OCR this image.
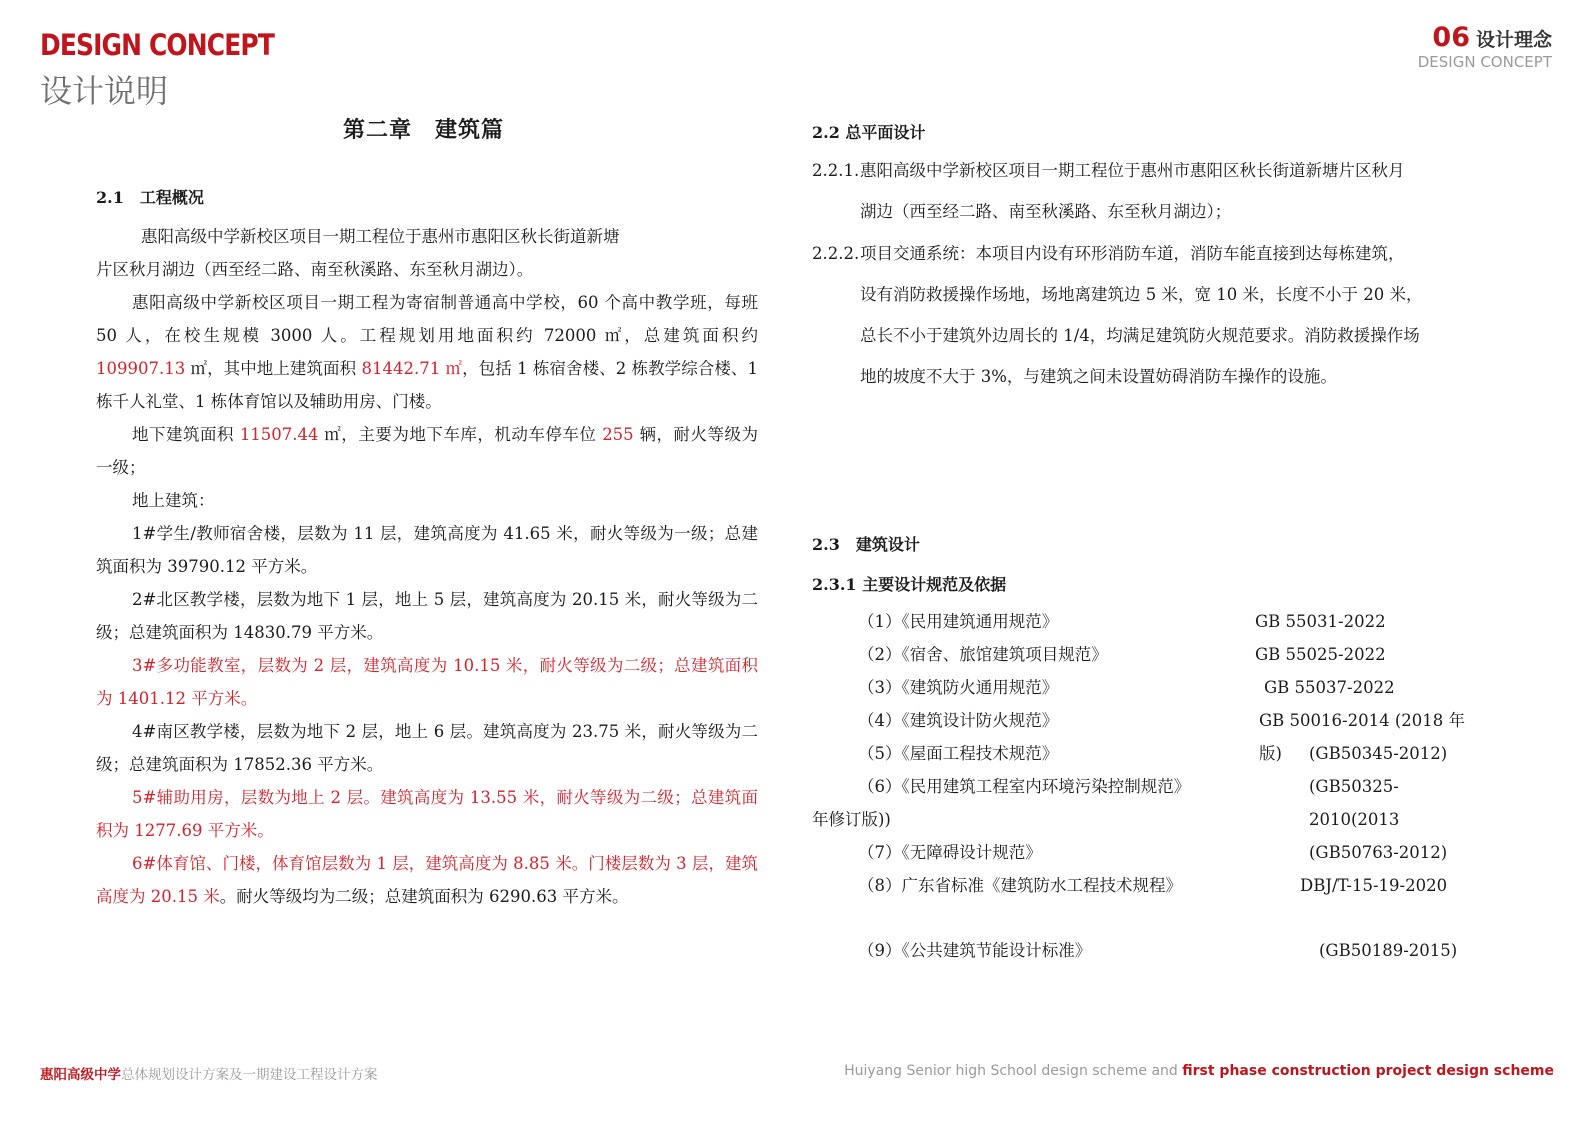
DESIGN CONCEPT
设计说明
06 设计理念
DESIGN CONCEPT
第二章　建筑篇
2.1　工程概况
惠阳高级中学新校区项目一期工程位于惠州市惠阳区秋长街道新塘
片区秋月湖边（西至经二路、南至秋溪路、东至秋月湖边）。
惠阳高级中学新校区项目一期工程为寄宿制普通高中学校，60 个高中教学班，每班 50 人，在校生规模 3000 人。工程规划用地面积约 72000 ㎡，总建筑面积约 109907.13 ㎡，其中地上建筑面积 81442.71 ㎡，包括 1 栋宿舍楼、2 栋教学综合楼、1 栋千人礼堂、1 栋体育馆以及辅助用房、门楼。
地下建筑面积 11507.44 ㎡，主要为地下车库，机动车停车位 255 辆，耐火等级为一级；
地上建筑：
1#学生/教师宿舍楼，层数为 11 层，建筑高度为 41.65 米，耐火等级为一级；总建筑面积为 39790.12 平方米。
2#北区教学楼，层数为地下 1 层，地上 5 层，建筑高度为 20.15 米，耐火等级为二级；总建筑面积为 14830.79 平方米。
3#多功能教室，层数为 2 层，建筑高度为 10.15 米，耐火等级为二级；总建筑面积为 1401.12 平方米。
4#南区教学楼，层数为地下 2 层，地上 6 层。建筑高度为 23.75 米，耐火等级为二级；总建筑面积为 17852.36 平方米。
5#辅助用房，层数为地上 2 层。建筑高度为 13.55 米，耐火等级为二级；总建筑面积为 1277.69 平方米。
6#体育馆、门楼，体育馆层数为 1 层，建筑高度为 8.85 米。门楼层数为 3 层，建筑高度为 20.15 米。耐火等级均为二级；总建筑面积为 6290.63 平方米。
2.2 总平面设计
2.2.1. 惠阳高级中学新校区项目一期工程位于惠州市惠阳区秋长街道新塘片区秋月
湖边（西至经二路、南至秋溪路、东至秋月湖边）；
2.2.2. 项目交通系统：本项目内设有环形消防车道，消防车能直接到达每栋建筑，
设有消防救援操作场地，场地离建筑边 5 米，宽 10 米，长度不小于 20 米，
总长不小于建筑外边周长的 1/4，均满足建筑防火规范要求。消防救援操作场
地的坡度不大于 3%，与建筑之间未设置妨碍消防车操作的设施。
2.3　建筑设计
2.3.1 主要设计规范及依据
（1）《民用建筑通用规范》	GB 55031-2022
（2）《宿舍、旅馆建筑项目规范》	GB 55025-2022
（3）《建筑防火通用规范》	GB 55037-2022
（4）《建筑设计防火规范》	GB 50016-2014 (2018 年版)
（5）《屋面工程技术规范》	(GB50345-2012)
（6）《民用建筑工程室内环境污染控制规范》	(GB50325-2010(2013
年修订版))
（7）《无障碍设计规范》	(GB50763-2012)
（8）广东省标准《建筑防水工程技术规程》	DBJ/T-15-19-2020
（9）《公共建筑节能设计标准》	(GB50189-2015)
惠阳高级中学总体规划设计方案及一期建设工程设计方案	Huiyang Senior high School design scheme and first phase construction project design scheme
